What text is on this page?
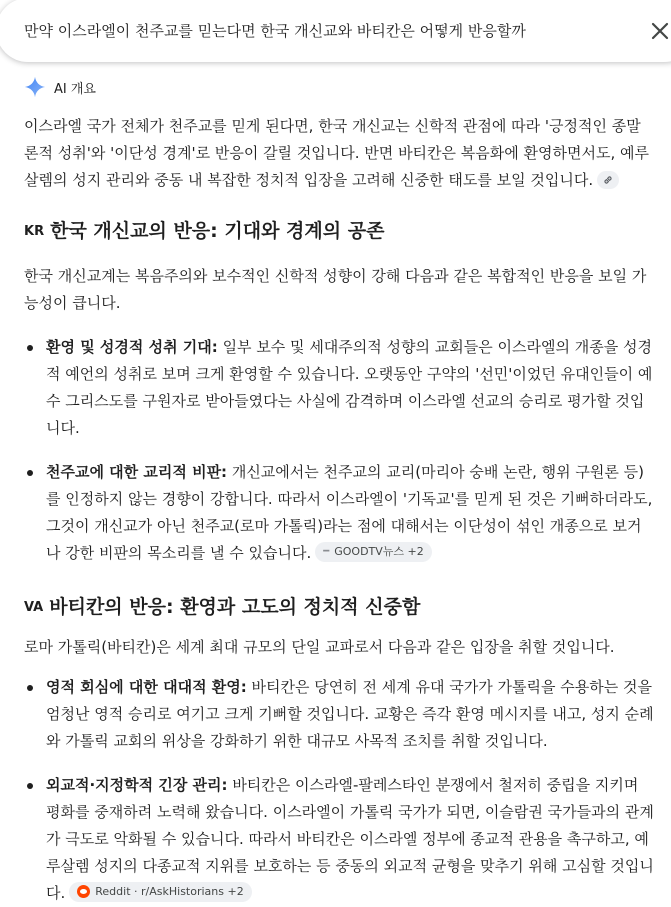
만약 이스라엘이 천주교를 믿는다면 한국 개신교와 바티칸은 어떻게 반응할까
AI 개요

이스라엘 국가 전체가 천주교를 믿게 된다면, 한국 개신교는 신학적 관점에 따라 '긍정적인 종말론적 성취'와 '이단성 경계'로 반응이 갈릴 것입니다. 반면 바티칸은 복음화에 환영하면서도, 예루살렘의 성지 관리와 중동 내 복잡한 정치적 입장을 고려해 신중한 태도를 보일 것입니다.

KR 한국 개신교의 반응: 기대와 경계의 공존

한국 개신교계는 복음주의와 보수적인 신학적 성향이 강해 다음과 같은 복합적인 반응을 보일 가능성이 큽니다.

환영 및 성경적 성취 기대: 일부 보수 및 세대주의적 성향의 교회들은 이스라엘의 개종을 성경적 예언의 성취로 보며 크게 환영할 수 있습니다. 오랫동안 구약의 '선민'이었던 유대인들이 예수 그리스도를 구원자로 받아들였다는 사실에 감격하며 이스라엘 선교의 승리로 평가할 것입니다.
천주교에 대한 교리적 비판: 개신교에서는 천주교의 교리(마리아 숭배 논란, 행위 구원론 등)를 인정하지 않는 경향이 강합니다. 따라서 이스라엘이 '기독교'를 믿게 된 것은 기뻐하더라도, 그것이 개신교가 아닌 천주교(로마 가톨릭)라는 점에 대해서는 이단성이 섞인 개종으로 보거나 강한 비판의 목소리를 낼 수 있습니다. ━ GOODTV뉴스 +2
VA 바티칸의 반응: 환영과 고도의 정치적 신중함

로마 가톨릭(바티칸)은 세계 최대 규모의 단일 교파로서 다음과 같은 입장을 취할 것입니다.

영적 회심에 대한 대대적 환영: 바티칸은 당연히 전 세계 유대 국가가 가톨릭을 수용하는 것을 엄청난 영적 승리로 여기고 크게 기뻐할 것입니다. 교황은 즉각 환영 메시지를 내고, 성지 순례와 가톨릭 교회의 위상을 강화하기 위한 대규모 사목적 조치를 취할 것입니다.
외교적·지정학적 긴장 관리: 바티칸은 이스라엘-팔레스타인 분쟁에서 철저히 중립을 지키며 평화를 중재하려 노력해 왔습니다. 이스라엘이 가톨릭 국가가 되면, 이슬람권 국가들과의 관계가 극도로 악화될 수 있습니다. 따라서 바티칸은 이스라엘 정부에 종교적 관용을 촉구하고, 예루살렘 성지의 다종교적 지위를 보호하는 등 중동의 외교적 균형을 맞추기 위해 고심할 것입니다.	Reddit · r/AskHistorians +2
